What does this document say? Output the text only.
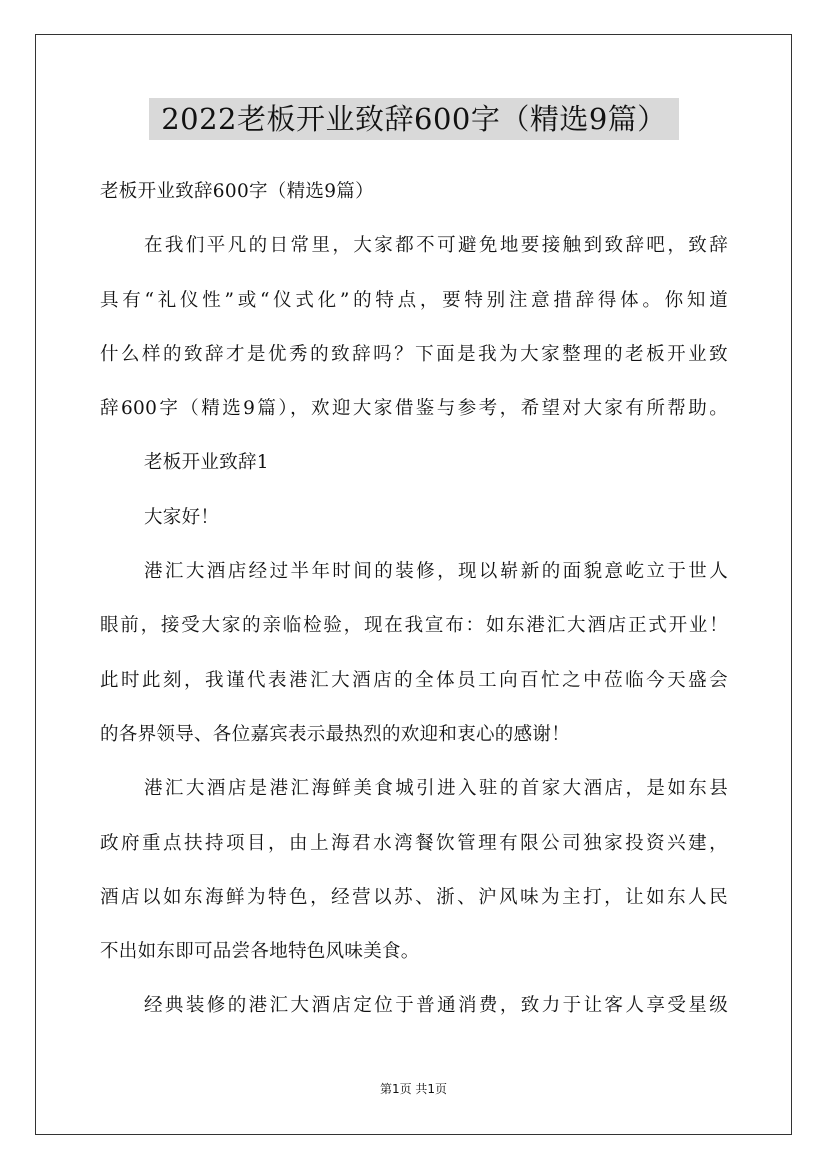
2022老板开业致辞600字（精选9篇）
老板开业致辞600字（精选9篇）
在我们平凡的日常里，大家都不可避免地要接触到致辞吧，致辞
具有“礼仪性”或“仪式化”的特点，要特别注意措辞得体。你知道
什么样的致辞才是优秀的致辞吗？下面是我为大家整理的老板开业致
辞600字（精选9篇），欢迎大家借鉴与参考，希望对大家有所帮助。
老板开业致辞1
大家好！
港汇大酒店经过半年时间的装修，现以崭新的面貌意屹立于世人
眼前，接受大家的亲临检验，现在我宣布：如东港汇大酒店正式开业！
此时此刻，我谨代表港汇大酒店的全体员工向百忙之中莅临今天盛会
的各界领导、各位嘉宾表示最热烈的欢迎和衷心的感谢！
港汇大酒店是港汇海鲜美食城引进入驻的首家大酒店，是如东县
政府重点扶持项目，由上海君水湾餐饮管理有限公司独家投资兴建，
酒店以如东海鲜为特色，经营以苏、浙、沪风味为主打，让如东人民
不出如东即可品尝各地特色风味美食。
经典装修的港汇大酒店定位于普通消费，致力于让客人享受星级
第1页 共1页
